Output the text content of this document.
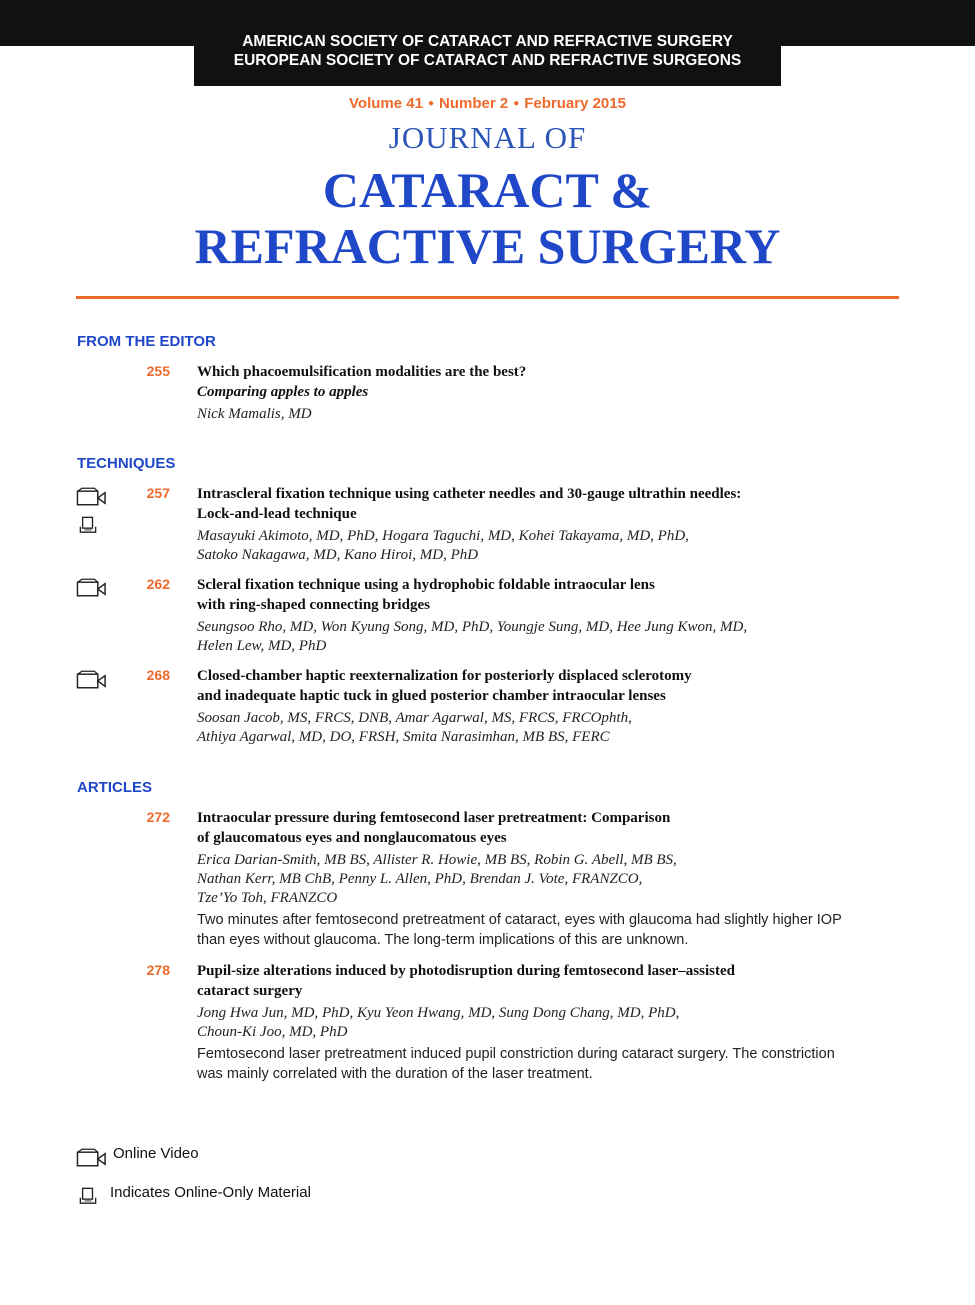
AMERICAN SOCIETY OF CATARACT AND REFRACTIVE SURGERY
EUROPEAN SOCIETY OF CATARACT AND REFRACTIVE SURGEONS
Volume 41 ● Number 2 ● February 2015
JOURNAL OF
CATARACT &
REFRACTIVE SURGERY
FROM THE EDITOR
255 Which phacoemulsification modalities are the best?
Comparing apples to apples
Nick Mamalis, MD
TECHNIQUES
257 Intrascleral fixation technique using catheter needles and 30-gauge ultrathin needles:
Lock-and-lead technique
Masayuki Akimoto, MD, PhD, Hogara Taguchi, MD, Kohei Takayama, MD, PhD,
Satoko Nakagawa, MD, Kano Hiroi, MD, PhD
262 Scleral fixation technique using a hydrophobic foldable intraocular lens
with ring-shaped connecting bridges
Seungsoo Rho, MD, Won Kyung Song, MD, PhD, Youngje Sung, MD, Hee Jung Kwon, MD,
Helen Lew, MD, PhD
268 Closed-chamber haptic reexternalization for posteriorly displaced sclerotomy
and inadequate haptic tuck in glued posterior chamber intraocular lenses
Soosan Jacob, MS, FRCS, DNB, Amar Agarwal, MS, FRCS, FRCOphth,
Athiya Agarwal, MD, DO, FRSH, Smita Narasimhan, MB BS, FERC
ARTICLES
272 Intraocular pressure during femtosecond laser pretreatment: Comparison
of glaucomatous eyes and nonglaucomatous eyes
Erica Darian-Smith, MB BS, Allister R. Howie, MB BS, Robin G. Abell, MB BS,
Nathan Kerr, MB ChB, Penny L. Allen, PhD, Brendan J. Vote, FRANZCO,
Tze’Yo Toh, FRANZCO
Two minutes after femtosecond pretreatment of cataract, eyes with glaucoma had slightly higher IOP
than eyes without glaucoma. The long-term implications of this are unknown.
278 Pupil-size alterations induced by photodisruption during femtosecond laser–assisted
cataract surgery
Jong Hwa Jun, MD, PhD, Kyu Yeon Hwang, MD, Sung Dong Chang, MD, PhD,
Choun-Ki Joo, MD, PhD
Femtosecond laser pretreatment induced pupil constriction during cataract surgery. The constriction
was mainly correlated with the duration of the laser treatment.
Online Video
Indicates Online-Only Material
